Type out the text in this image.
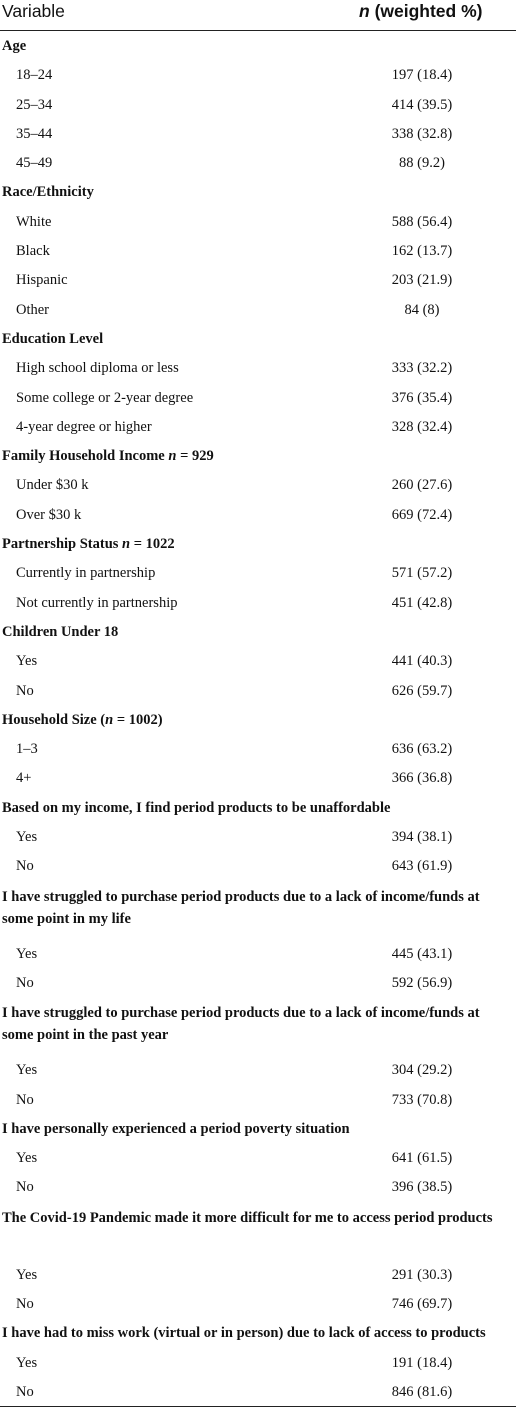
Variable	n (weighted %)
Age
18–24	197 (18.4)
25–34	414 (39.5)
35–44	338 (32.8)
45–49	88 (9.2)
Race/Ethnicity
White	588 (56.4)
Black	162 (13.7)
Hispanic	203 (21.9)
Other	84 (8)
Education Level
High school diploma or less	333 (32.2)
Some college or 2-year degree	376 (35.4)
4-year degree or higher	328 (32.4)
Family Household Income n = 929
Under $30 k	260 (27.6)
Over $30 k	669 (72.4)
Partnership Status n = 1022
Currently in partnership	571 (57.2)
Not currently in partnership	451 (42.8)
Children Under 18
Yes	441 (40.3)
No	626 (59.7)
Household Size (n = 1002)
1–3	636 (63.2)
4+	366 (36.8)
Based on my income, I find period products to be unaffordable
Yes	394 (38.1)
No	643 (61.9)
I have struggled to purchase period products due to a lack of income/funds at some point in my life
Yes	445 (43.1)
No	592 (56.9)
I have struggled to purchase period products due to a lack of income/funds at some point in the past year
Yes	304 (29.2)
No	733 (70.8)
I have personally experienced a period poverty situation
Yes	641 (61.5)
No	396 (38.5)
The Covid-19 Pandemic made it more difficult for me to access period products
Yes	291 (30.3)
No	746 (69.7)
I have had to miss work (virtual or in person) due to lack of access to products
Yes	191 (18.4)
No	846 (81.6)
